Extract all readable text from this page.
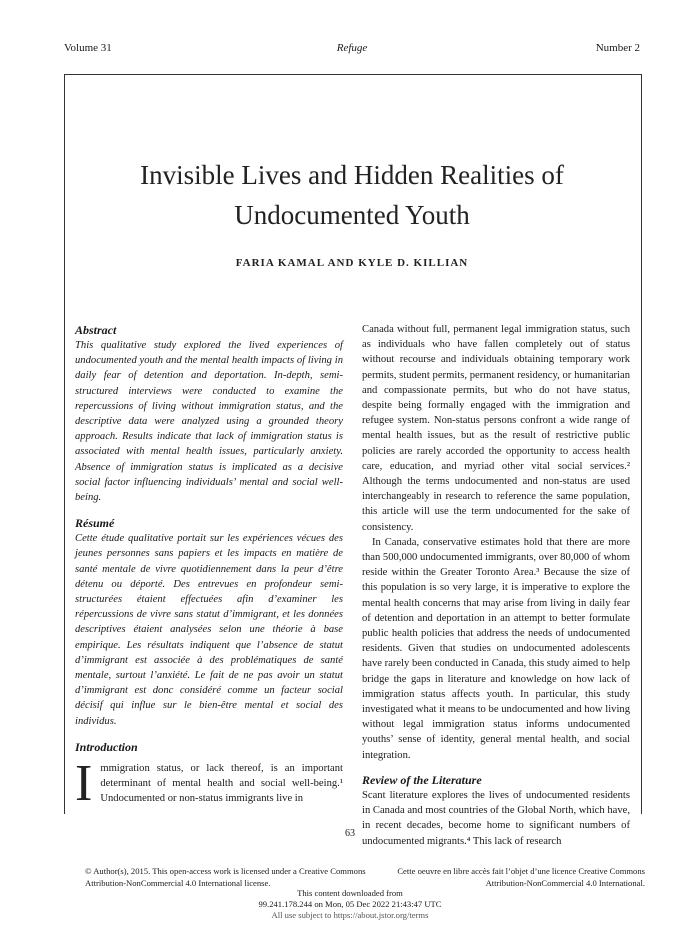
Volume 31	Refuge	Number 2
Invisible Lives and Hidden Realities of
Undocumented Youth
FARIA KAMAL AND KYLE D. KILLIAN
Abstract

This qualitative study explored the lived experiences of undocumented youth and the mental health impacts of living in daily fear of detention and deportation. In-depth, semi-structured interviews were conducted to examine the repercussions of living without immigration status, and the descriptive data were analyzed using a grounded theory approach. Results indicate that lack of immigration status is associated with mental health issues, particularly anxiety. Absence of immigration status is implicated as a decisive social factor influencing individuals’ mental and social well-being.

Résumé

Cette étude qualitative portait sur les expériences vécues des jeunes personnes sans papiers et les impacts en matière de santé mentale de vivre quotidiennement dans la peur d’être détenu ou déporté. Des entrevues en profondeur semi-structurées étaient effectuées afin d’examiner les répercussions de vivre sans statut d’immigrant, et les données descriptives étaient analysées selon une théorie à base empirique. Les résultats indiquent que l’absence de statut d’immigrant est associée à des problématiques de santé mentale, surtout l’anxiété. Le fait de ne pas avoir un statut d’immigrant est donc considéré comme un facteur social décisif qui influe sur le bien-être mental et social des individus.

Introduction
I mmigration status, or lack thereof, is an important determinant of mental health and social well-being.¹ Undocumented or non-status immigrants live in

Canada without full, permanent legal immigration status, such as individuals who have fallen completely out of status without recourse and individuals obtaining temporary work permits, student permits, permanent residency, or humanitarian and compassionate permits, but who do not have status, despite being formally engaged with the immigration and refugee system. Non-status persons confront a wide range of mental health issues, but as the result of restrictive public policies are rarely accorded the opportunity to access health care, education, and myriad other vital social services.² Although the terms undocumented and non-status are used interchangeably in research to reference the same population, this article will use the term undocumented for the sake of consistency.

In Canada, conservative estimates hold that there are more than 500,000 undocumented immigrants, over 80,000 of whom reside within the Greater Toronto Area.³ Because the size of this population is so very large, it is imperative to explore the mental health concerns that may arise from living in daily fear of detention and deportation in an attempt to better formulate public health policies that address the needs of undocumented residents. Given that studies on undocumented adolescents have rarely been conducted in Canada, this study aimed to help bridge the gaps in literature and knowledge on how lack of immigration status affects youth. In particular, this study investigated what it means to be undocumented and how living without legal immigration status informs undocumented youths’ sense of identity, general mental health, and social integration.

Review of the Literature

Scant literature explores the lives of undocumented residents in Canada and most countries of the Global North, which have, in recent decades, become home to significant numbers of undocumented migrants.⁴ This lack of research

63
© Author(s), 2015. This open-access work is licensed under a Creative Commons Attribution-NonCommercial 4.0 International license.
Cette oeuvre en libre accès fait l’objet d’une licence Creative Commons Attribution-NonCommercial 4.0 International.
This content downloaded from
99.241.178.244 on Mon, 05 Dec 2022 21:43:47 UTC
All use subject to https://about.jstor.org/terms
